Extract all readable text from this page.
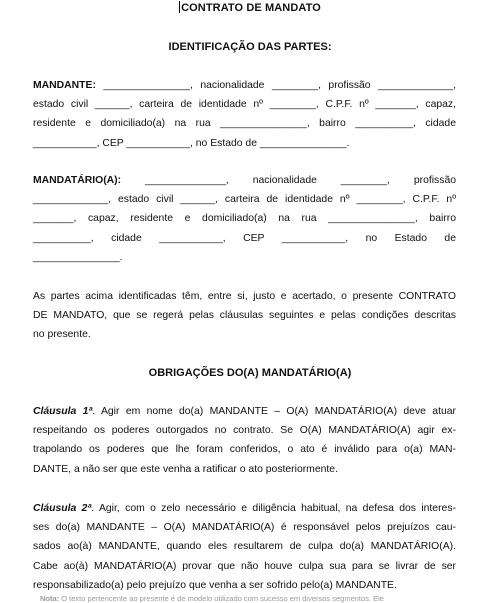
CONTRATO DE MANDATO
IDENTIFICAÇÃO DAS PARTES:
MANDANTE: _______________, nacionalidade ________, profissão _____________,
estado civil ______, carteira de identidade nº ________, C.P.F. nº _______, capaz,
residente e domiciliado(a) na rua _______________, bairro __________, cidade
___________, CEP ___________, no Estado de _______________.
MANDATÁRIO(A): ______________, nacionalidade ________, profissão
_____________, estado civil ______, carteira de identidade nº ________, C.P.F. nº
_______, capaz, residente e domiciliado(a) na rua _______________, bairro
__________, cidade ___________, CEP ___________, no Estado de
_______________.
As partes acima identificadas têm, entre si, justo e acertado, o presente CONTRATO
DE MANDATO, que se regerá pelas cláusulas seguintes e pelas condições descritas
no presente.
OBRIGAÇÕES DO(A) MANDATÁRIO(A)
Cláusula 1ª. Agir em nome do(a) MANDANTE – O(A) MANDATÁRIO(A) deve atuar
respeitando os poderes outorgados no contrato. Se O(A) MANDATÁRIO(A) agir ex-
trapolando os poderes que lhe foram conferidos, o ato é inválido para o(a) MAN-
DANTE, a não ser que este venha a ratificar o ato posteriormente.
Cláusula 2ª. Agir, com o zelo necessário e diligência habitual, na defesa dos interes-
ses do(a) MANDANTE – O(A) MANDATÁRIO(A) é responsável pelos prejuízos cau-
sados ao(à) MANDANTE, quando eles resultarem de culpa do(a) MANDATÁRIO(A).
Cabe ao(à) MANDATÁRIO(A) provar que não houve culpa sua para se livrar de ser
responsabilizado(a) pelo prejuízo que venha a ser sofrido pelo(a) MANDANTE.
Nota: O texto pertencente ao presente é de modelo utilizado com sucesso em diversos segmentos. Ele
